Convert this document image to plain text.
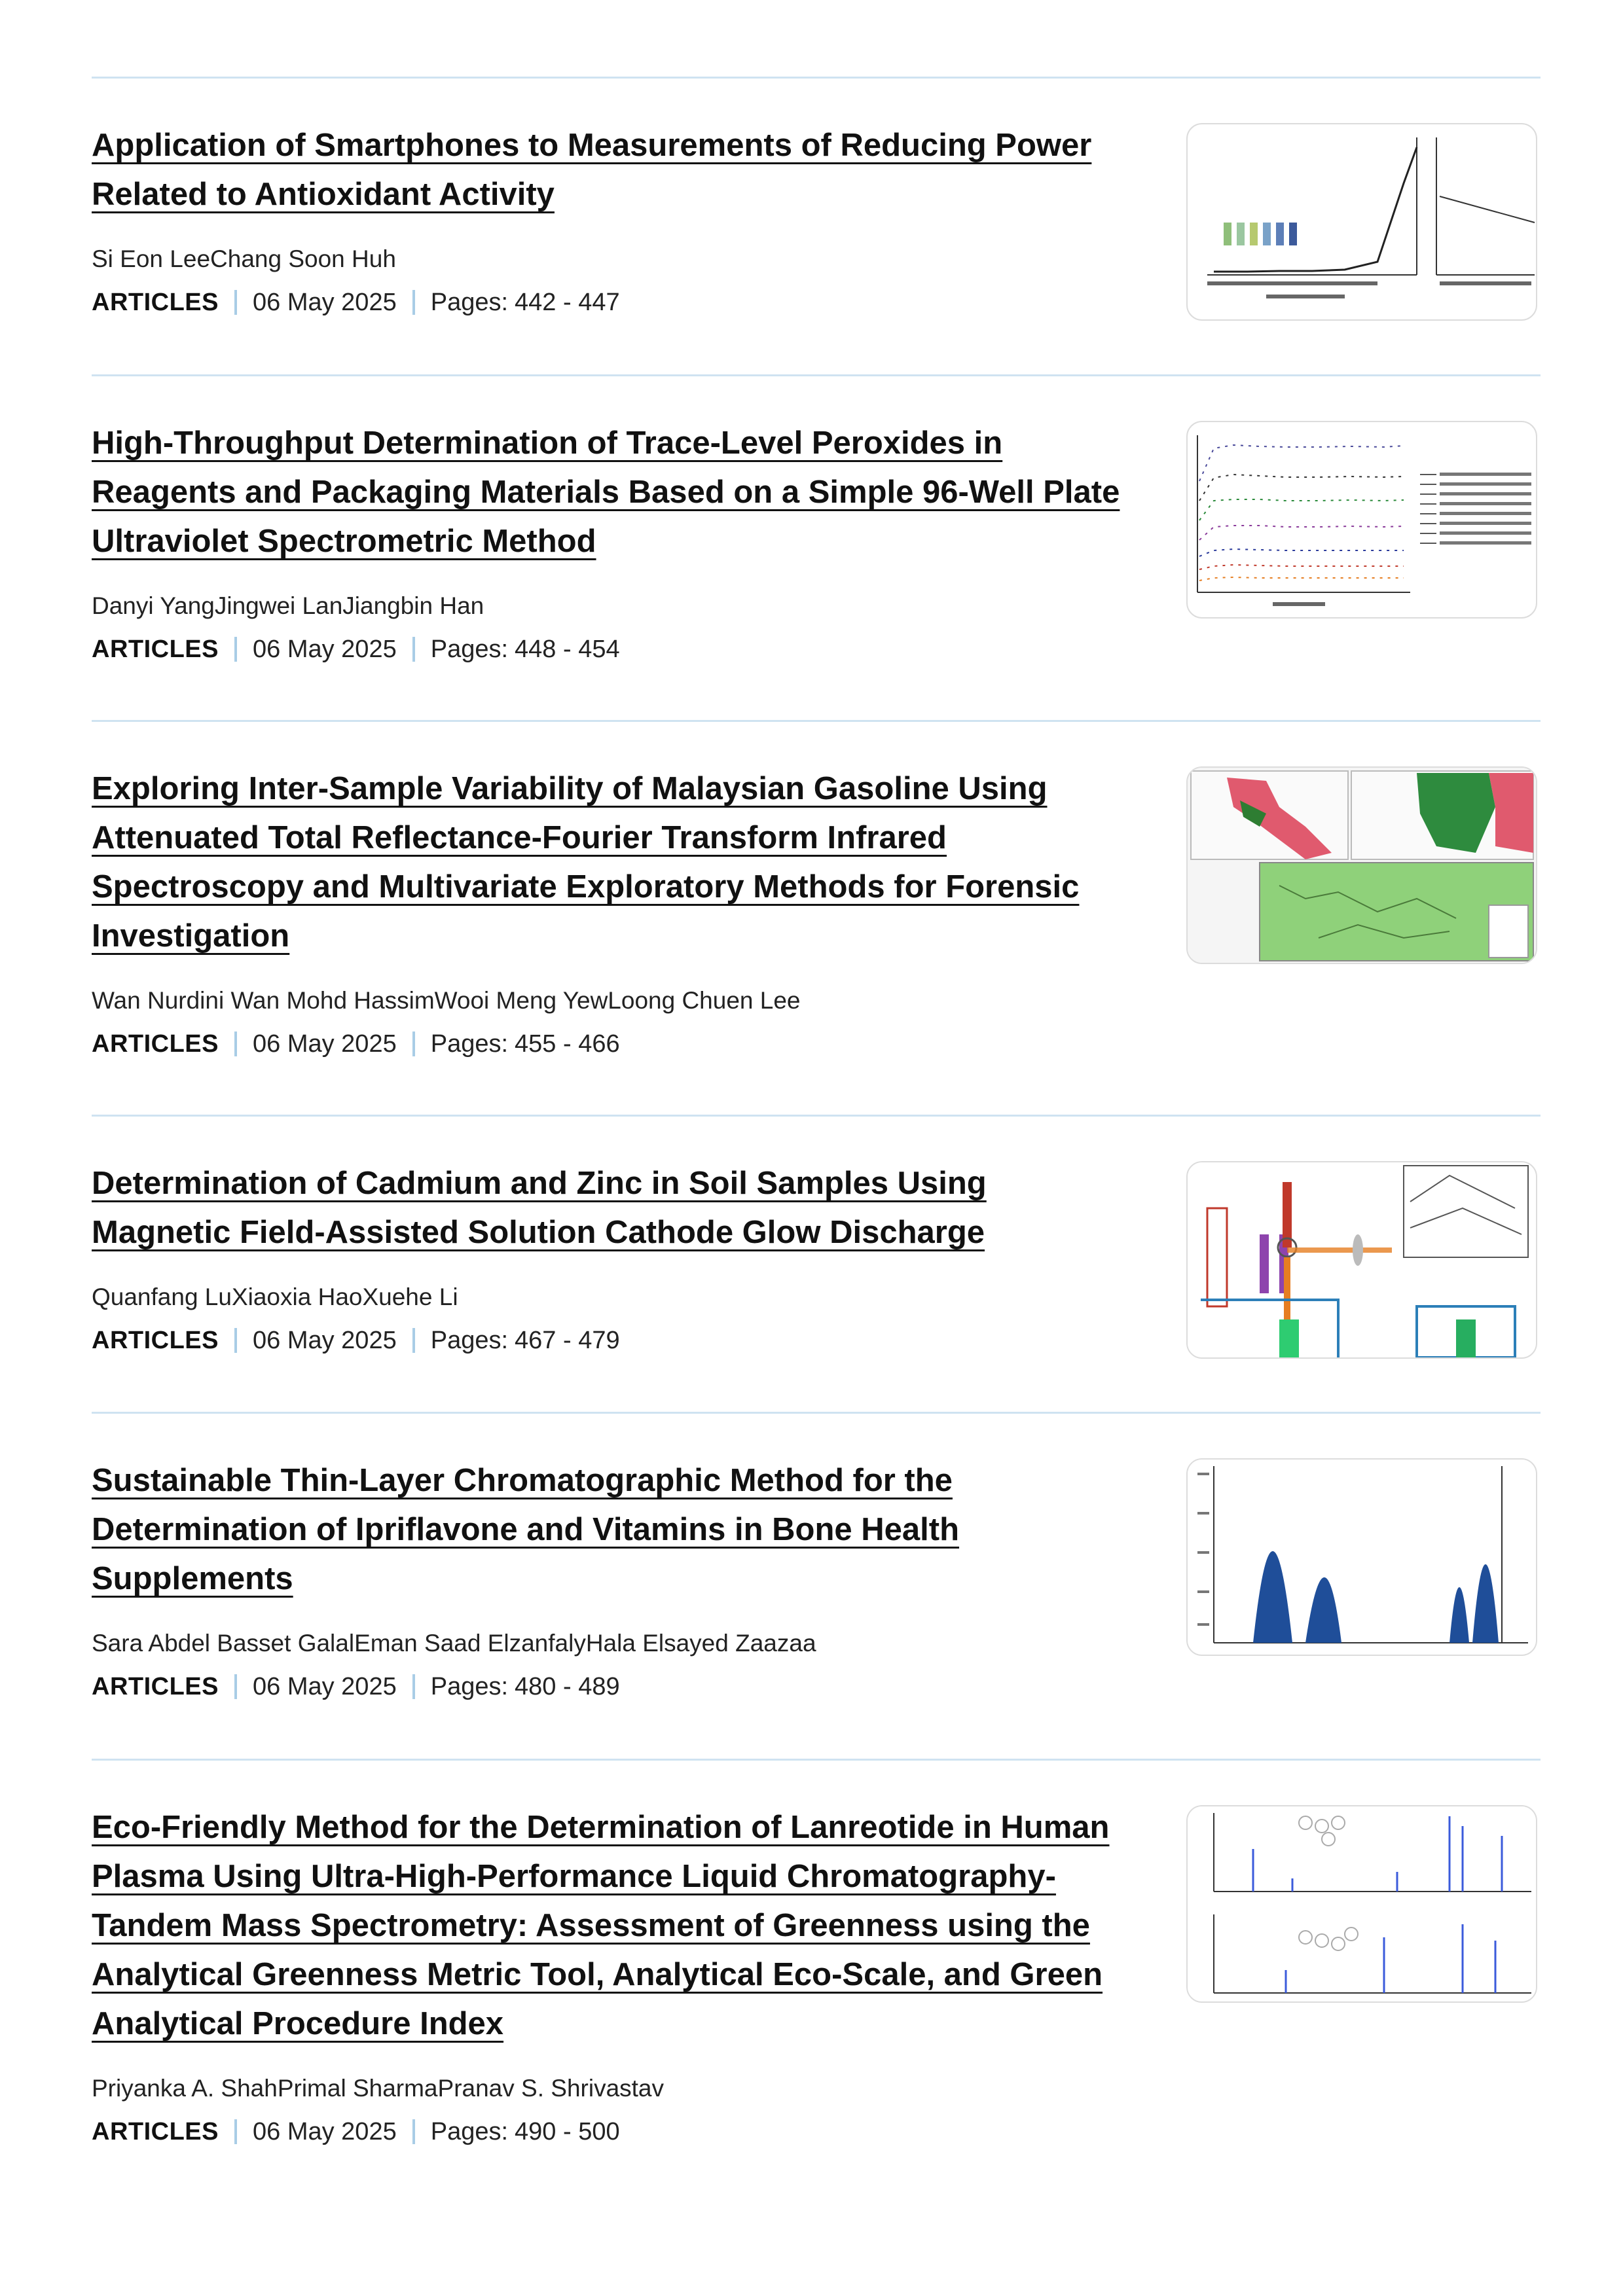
Application of Smartphones to Measurements of Reducing Power
Related to Antioxidant Activity
Si Eon LeeChang Soon Huh
ARTICLES 06 May 2025 Pages: 442 - 447
High-Throughput Determination of Trace-Level Peroxides in
Reagents and Packaging Materials Based on a Simple 96-Well Plate
Ultraviolet Spectrometric Method
Danyi YangJingwei LanJiangbin Han
ARTICLES 06 May 2025 Pages: 448 - 454
Exploring Inter-Sample Variability of Malaysian Gasoline Using
Attenuated Total Reflectance-Fourier Transform Infrared
Spectroscopy and Multivariate Exploratory Methods for Forensic
Investigation
Wan Nurdini Wan Mohd HassimWooi Meng YewLoong Chuen Lee
ARTICLES 06 May 2025 Pages: 455 - 466
Determination of Cadmium and Zinc in Soil Samples Using
Magnetic Field-Assisted Solution Cathode Glow Discharge
Quanfang LuXiaoxia HaoXuehe Li
ARTICLES 06 May 2025 Pages: 467 - 479
Sustainable Thin-Layer Chromatographic Method for the
Determination of Ipriflavone and Vitamins in Bone Health
Supplements
Sara Abdel Basset GalalEman Saad ElzanfalyHala Elsayed Zaazaa
ARTICLES 06 May 2025 Pages: 480 - 489
Eco-Friendly Method for the Determination of Lanreotide in Human
Plasma Using Ultra-High-Performance Liquid Chromatography-
Tandem Mass Spectrometry: Assessment of Greenness using the
Analytical Greenness Metric Tool, Analytical Eco-Scale, and Green
Analytical Procedure Index
Priyanka A. ShahPrimal SharmaPranav S. Shrivastav
ARTICLES 06 May 2025 Pages: 490 - 500
